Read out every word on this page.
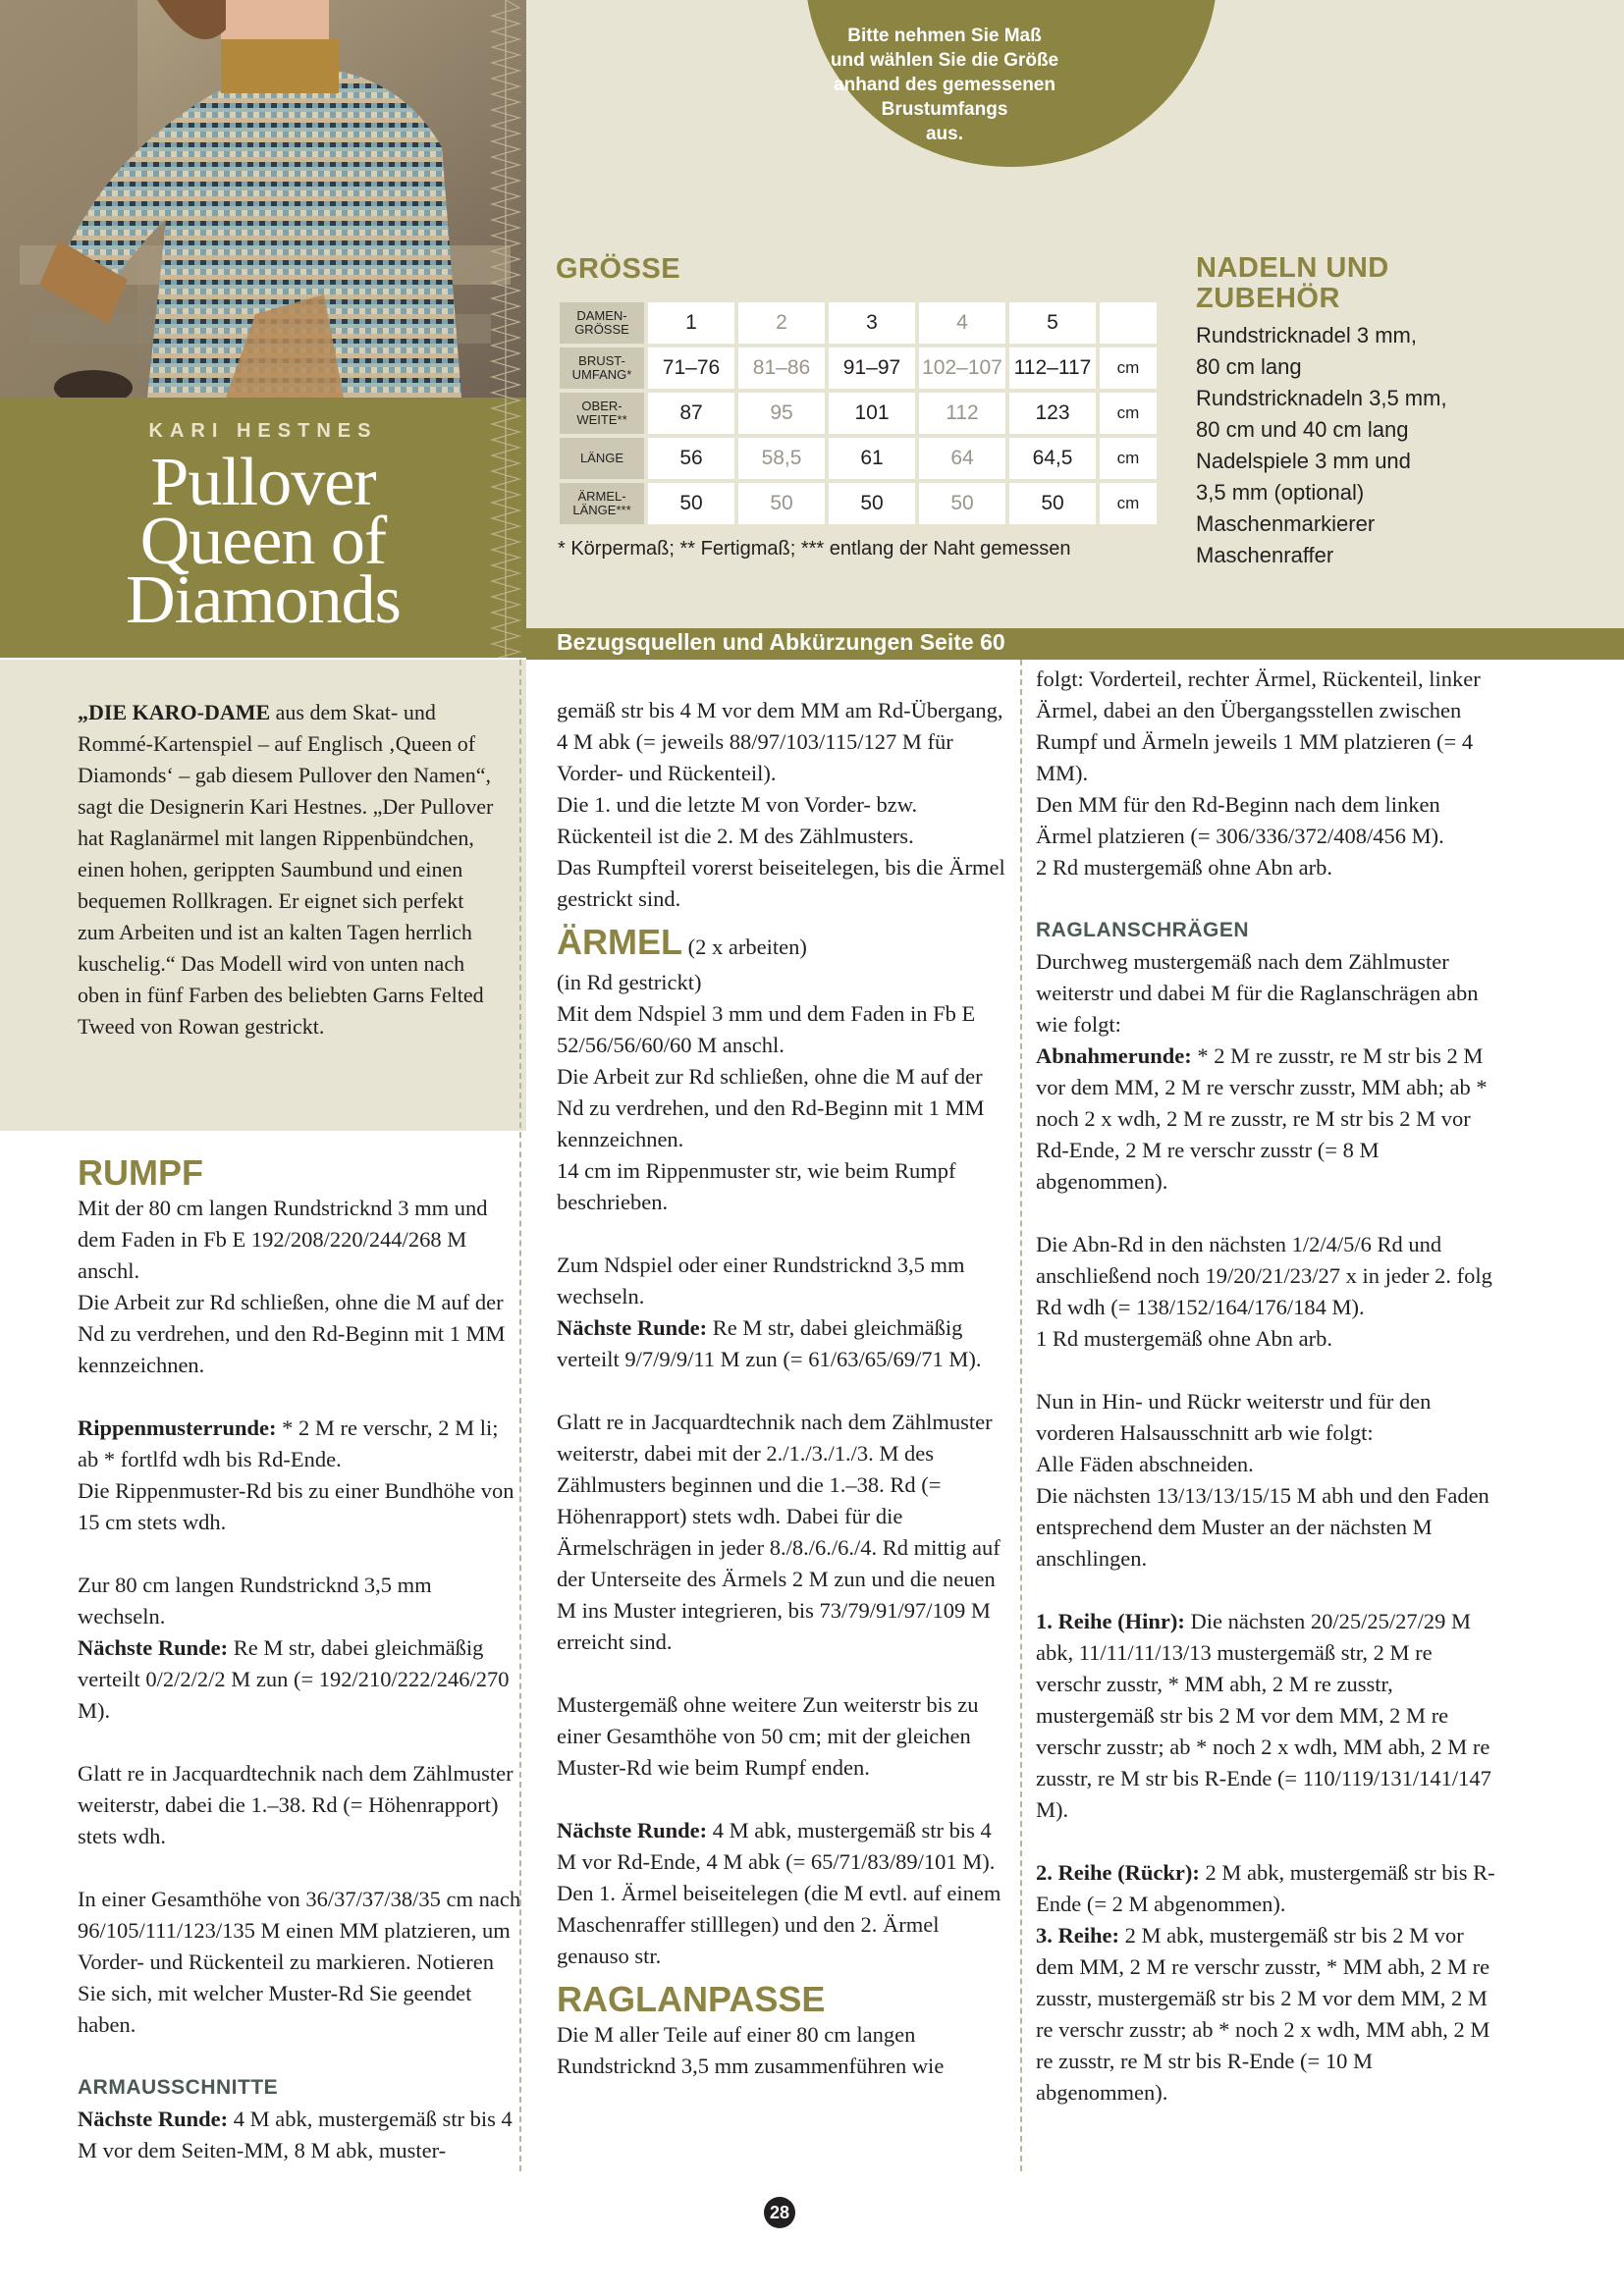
KARI HESTNES
Pullover
Queen of
Diamonds
Bitte nehmen Sie Maß
und wählen Sie die Größe
anhand des gemessenen
Brustumfangs
aus.
GRÖSSE
DAMEN-GRÖSSE	1	2	3	4	5	
BRUST-UMFANG*	71–76	81–86	91–97	102–107	112–117	cm
OBER-WEITE**	87	95	101	112	123	cm
LÄNGE	56	58,5	61	64	64,5	cm
ÄRMEL-LÄNGE***	50	50	50	50	50	cm
* Körpermaß; ** Fertigmaß; *** entlang der Naht gemessen
NADELN UND
ZUBEHÖR
Rundstricknadel 3 mm,
80 cm lang
Rundstricknadeln 3,5 mm,
80 cm und 40 cm lang
Nadelspiele 3 mm und
3,5 mm (optional)
Maschenmarkierer
Maschenraffer
Bezugsquellen und Abkürzungen Seite 60
„DIE KARO-DAME aus dem Skat- und Rommé-Kartenspiel – auf Englisch ‚Queen of Diamonds‘ – gab diesem Pullover den Namen“, sagt die Designerin Kari Hestnes. „Der Pullover hat Raglanärmel mit langen Rippenbündchen, einen hohen, gerippten Saumbund und einen bequemen Rollkragen. Er eignet sich perfekt zum Arbeiten und ist an kalten Tagen herrlich kuschelig.“ Das Modell wird von unten nach oben in fünf Farben des beliebten Garns Felted Tweed von Rowan gestrickt.
RUMPF

Mit der 80 cm langen Rundstricknd 3 mm und dem Faden in Fb E 192/208/220/244/268 M anschl.

Die Arbeit zur Rd schließen, ohne die M auf der Nd zu verdrehen, und den Rd-Beginn mit 1 MM kennzeichnen.

Rippenmusterrunde: * 2 M re verschr, 2 M li; ab * fortlfd wdh bis Rd-Ende.

Die Rippenmuster-Rd bis zu einer Bundhöhe von 15 cm stets wdh.

Zur 80 cm langen Rundstricknd 3,5 mm wechseln.

Nächste Runde: Re M str, dabei gleichmäßig verteilt 0/2/2/2/2 M zun (= 192/210/222/246/270 M).

Glatt re in Jacquardtechnik nach dem Zählmuster weiterstr, dabei die 1.–38. Rd (= Höhenrapport) stets wdh.

In einer Gesamthöhe von 36/37/37/38/35 cm nach 96/105/111/123/135 M einen MM platzieren, um Vorder- und Rückenteil zu markieren. Notieren Sie sich, mit welcher Muster-Rd Sie geendet haben.

ARMAUSSCHNITTE

Nächste Runde: 4 M abk, mustergemäß str bis 4 M vor dem Seiten-MM, 8 M abk, muster-

gemäß str bis 4 M vor dem MM am Rd-Übergang, 4 M abk (= jeweils 88/97/103/115/127 M für Vorder- und Rückenteil).

Die 1. und die letzte M von Vorder- bzw. Rückenteil ist die 2. M des Zählmusters.

Das Rumpfteil vorerst beiseitelegen, bis die Ärmel gestrickt sind.

ÄRMEL (2 x arbeiten)

(in Rd gestrickt)

Mit dem Ndspiel 3 mm und dem Faden in Fb E 52/56/56/60/60 M anschl.

Die Arbeit zur Rd schließen, ohne die M auf der Nd zu verdrehen, und den Rd-Beginn mit 1 MM kennzeichnen.

14 cm im Rippenmuster str, wie beim Rumpf beschrieben.

Zum Ndspiel oder einer Rundstricknd 3,5 mm wechseln.

Nächste Runde: Re M str, dabei gleichmäßig verteilt 9/7/9/9/11 M zun (= 61/63/65/69/71 M).

Glatt re in Jacquardtechnik nach dem Zählmuster weiterstr, dabei mit der 2./1./3./1./3. M des Zählmusters beginnen und die 1.–38. Rd (= Höhenrapport) stets wdh. Dabei für die Ärmelschrägen in jeder 8./8./6./6./4. Rd mittig auf der Unterseite des Ärmels 2 M zun und die neuen M ins Muster integrieren, bis 73/79/91/97/109 M erreicht sind.

Mustergemäß ohne weitere Zun weiterstr bis zu einer Gesamthöhe von 50 cm; mit der gleichen Muster-Rd wie beim Rumpf enden.

Nächste Runde: 4 M abk, mustergemäß str bis 4 M vor Rd-Ende, 4 M abk (= 65/71/83/89/101 M).

Den 1. Ärmel beiseitelegen (die M evtl. auf einem Maschenraffer stilllegen) und den 2. Ärmel genauso str.

RAGLANPASSE

Die M aller Teile auf einer 80 cm langen Rundstricknd 3,5 mm zusammenführen wie

folgt: Vorderteil, rechter Ärmel, Rückenteil, linker Ärmel, dabei an den Übergangsstellen zwischen Rumpf und Ärmeln jeweils 1 MM platzieren (= 4 MM).

Den MM für den Rd-Beginn nach dem linken Ärmel platzieren (= 306/336/372/408/456 M).

2 Rd mustergemäß ohne Abn arb.

RAGLANSCHRÄGEN

Durchweg mustergemäß nach dem Zählmuster weiterstr und dabei M für die Raglanschrägen abn wie folgt:

Abnahmerunde: * 2 M re zusstr, re M str bis 2 M vor dem MM, 2 M re verschr zusstr, MM abh; ab * noch 2 x wdh, 2 M re zusstr, re M str bis 2 M vor Rd-Ende, 2 M re verschr zusstr (= 8 M abgenommen).

Die Abn-Rd in den nächsten 1/2/4/5/6 Rd und anschließend noch 19/20/21/23/27 x in jeder 2. folg Rd wdh (= 138/152/164/176/184 M).

1 Rd mustergemäß ohne Abn arb.

Nun in Hin- und Rückr weiterstr und für den vorderen Halsausschnitt arb wie folgt:

Alle Fäden abschneiden.

Die nächsten 13/13/13/15/15 M abh und den Faden entsprechend dem Muster an der nächsten M anschlingen.

1. Reihe (Hinr): Die nächsten 20/25/25/27/29 M abk, 11/11/11/13/13 mustergemäß str, 2 M re verschr zusstr, * MM abh, 2 M re zusstr, mustergemäß str bis 2 M vor dem MM, 2 M re verschr zusstr; ab * noch 2 x wdh, MM abh, 2 M re zusstr, re M str bis R-Ende (= 110/119/131/141/147 M).

2. Reihe (Rückr): 2 M abk, mustergemäß str bis R-Ende (= 2 M abgenommen).

3. Reihe: 2 M abk, mustergemäß str bis 2 M vor dem MM, 2 M re verschr zusstr, * MM abh, 2 M re zusstr, mustergemäß str bis 2 M vor dem MM, 2 M re verschr zusstr; ab * noch 2 x wdh, MM abh, 2 M re zusstr, re M str bis R-Ende (= 10 M abgenommen).

28
